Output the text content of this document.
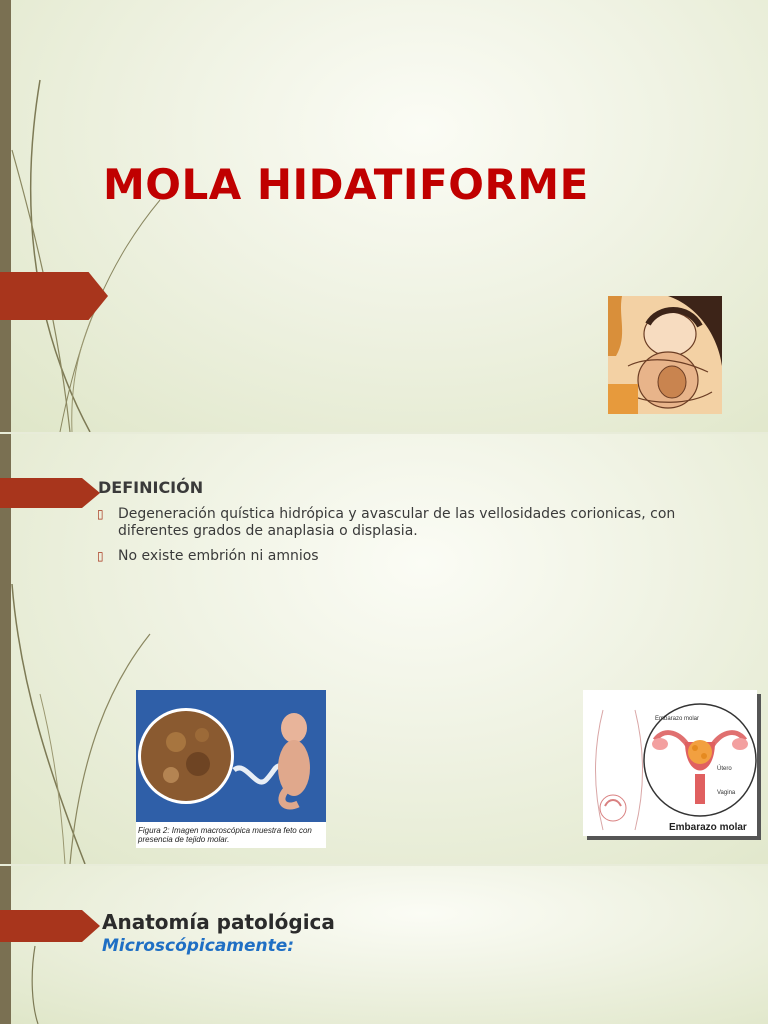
MOLA HIDATIFORME
DEFINICIÓN
▯ Degeneración quística hidrópica y avascular de las vellosidades corionicas, con diferentes grados de anaplasia o displasia.
▯ No existe embrión ni amnios
Figura 2: Imagen macroscópica muestra feto con presencia de tejido molar.
Embarazo molar
Útero
Vagina
Embarazo molar
Anatomía patológica

Microscópicamente:
